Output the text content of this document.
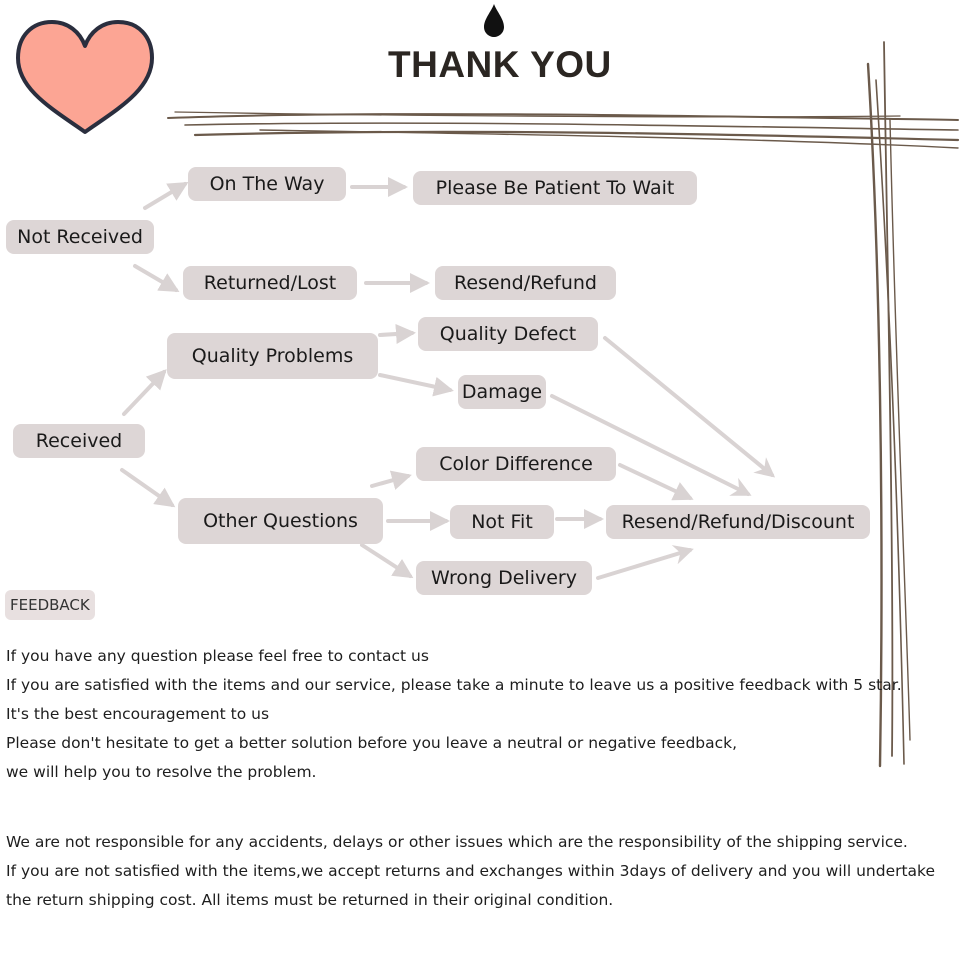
THANK YOU
Not Received
On The Way	Please Be Patient To Wait
Returned/Lost	Resend/Refund
Received
Quality Problems
Quality Defect
Damage
Other Questions
Color Difference
Not Fit
Wrong Delivery
Resend/Refund/Discount
FEEDBACK
If you have any question please feel free to contact us
If you are satisfied with the items and our service, please take a minute to leave us a positive feedback with 5 star.
It's the best encouragement to us
Please don't hesitate to get a better solution before you leave a neutral or negative feedback,
we will help you to resolve the problem.
We are not responsible for any accidents, delays or other issues which are the responsibility of the shipping service.
If you are not satisfied with the items,we accept returns and exchanges within 3days of delivery and you will undertake
the return shipping cost. All items must be returned in their original condition.
